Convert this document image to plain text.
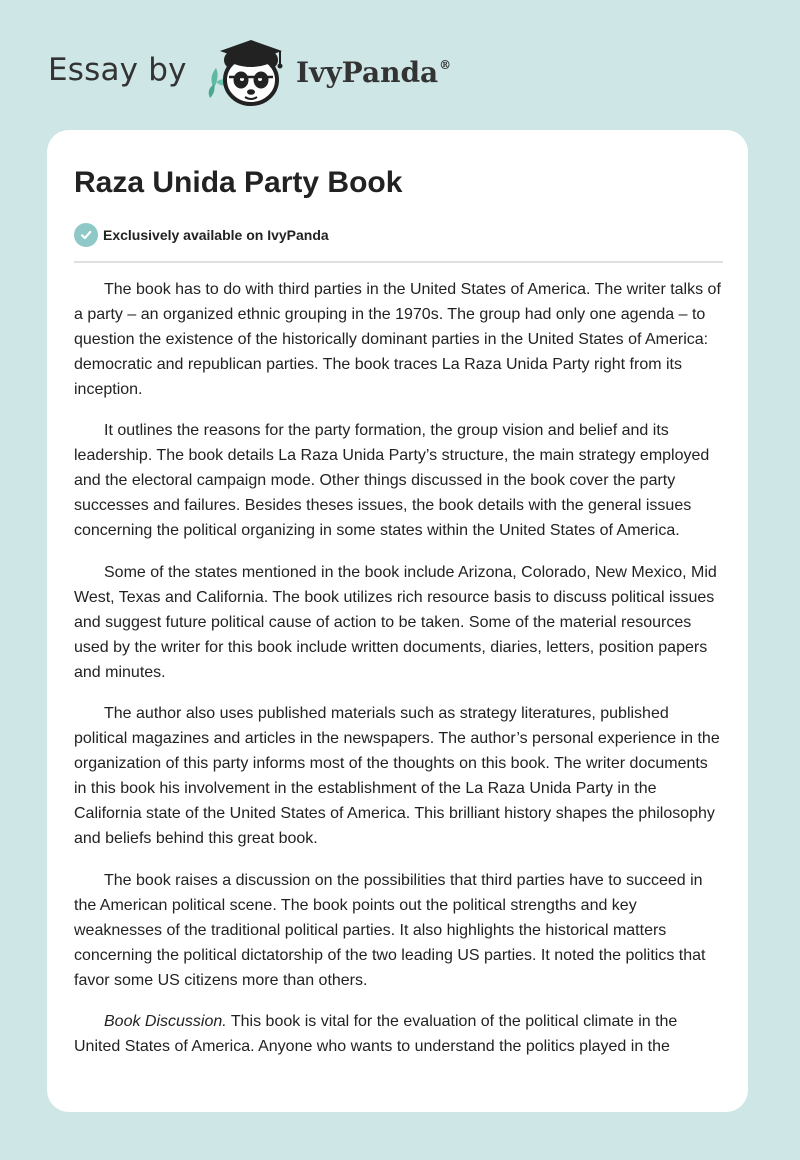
Essay by	IvyPanda®
Raza Unida Party Book
Exclusively available on IvyPanda

The book has to do with third parties in the United States of America. The writer talks of a party – an organized ethnic grouping in the 1970s. The group had only one agenda – to question the existence of the historically dominant parties in the United States of America: democratic and republican parties. The book traces La Raza Unida Party right from its inception.

It outlines the reasons for the party formation, the group vision and belief and its leadership. The book details La Raza Unida Party’s structure, the main strategy employed and the electoral campaign mode. Other things discussed in the book cover the party successes and failures. Besides theses issues, the book details with the general issues concerning the political organizing in some states within the United States of America.

Some of the states mentioned in the book include Arizona, Colorado, New Mexico, Mid West, Texas and California. The book utilizes rich resource basis to discuss political issues and suggest future political cause of action to be taken. Some of the material resources used by the writer for this book include written documents, diaries, letters, position papers and minutes.

The author also uses published materials such as strategy literatures, published political magazines and articles in the newspapers. The author’s personal experience in the organization of this party informs most of the thoughts on this book. The writer documents in this book his involvement in the establishment of the La Raza Unida Party in the California state of the United States of America. This brilliant history shapes the philosophy and beliefs behind this great book.

The book raises a discussion on the possibilities that third parties have to succeed in the American political scene. The book points out the political strengths and key weaknesses of the traditional political parties. It also highlights the historical matters concerning the political dictatorship of the two leading US parties. It noted the politics that favor some US citizens more than others.

Book Discussion. This book is vital for the evaluation of the political climate in the United States of America. Anyone who wants to understand the politics played in the
